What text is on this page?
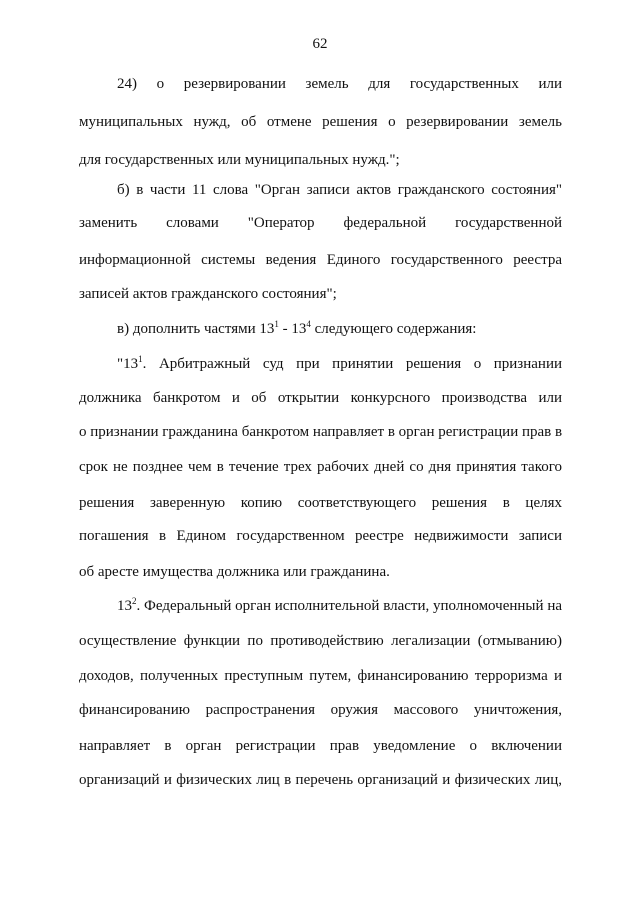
62
24) о резервировании земель для государственных или
муниципальных нужд, об отмене решения о резервировании земель
для государственных или муниципальных нужд.";
б) в части 11 слова "Орган записи актов гражданского состояния"
заменить словами "Оператор федеральной государственной
информационной системы ведения Единого государственного реестра
записей актов гражданского состояния";
в) дополнить частями $13^1 - 13^4$ следующего содержания:
"$13^1$. Арбитражный суд при принятии решения о признании
должника банкротом и об открытии конкурсного производства или
о признании гражданина банкротом направляет в орган регистрации прав в
срок не позднее чем в течение трех рабочих дней со дня принятия такого
решения заверенную копию соответствующего решения в целях
погашения в Едином государственном реестре недвижимости записи
об аресте имущества должника или гражданина.
$13^2$. Федеральный орган исполнительной власти, уполномоченный на
осуществление функции по противодействию легализации (отмыванию)
доходов, полученных преступным путем, финансированию терроризма и
финансированию распространения оружия массового уничтожения,
направляет в орган регистрации прав уведомление о включении
организаций и физических лиц в перечень организаций и физических лиц,
